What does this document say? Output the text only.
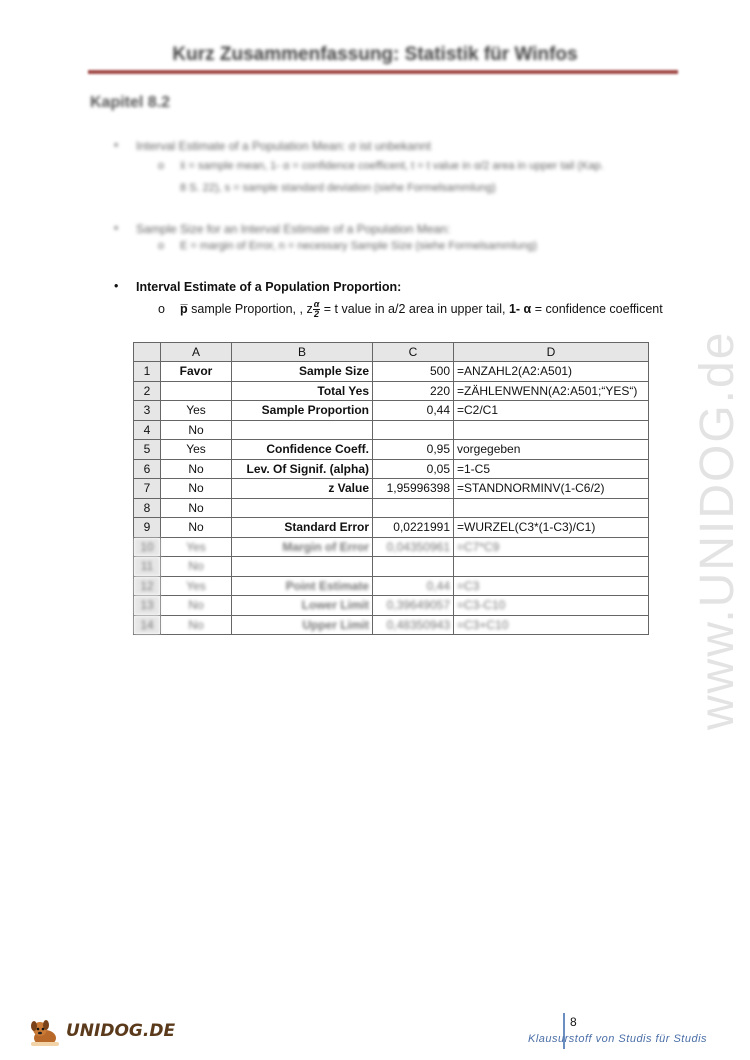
Kurz Zusammenfassung: Statistik für Winfos
Kapitel 8.2
Interval Estimate of a Population Mean: σ ist unbekannt
o x̄ = sample mean, 1- α = confidence coefficent, t = t value in α/2 area in upper tail (Kap.
8 S. 22), s = sample standard deviation (siehe Formelsammlung)
Sample Size for an Interval Estimate of a Population Mean:
o E = margin of Error, n = necessary Sample Size (siehe Formelsammlung)
• Interval Estimate of a Population Proportion:
o p̅ sample Proportion, , z $\frac{\alpha}{2} = t$ value in a/2 area in upper tail, 1- α = confidence coefficent
	A	B	C	D
1	Favor	Sample Size	500	=ANZAHL2(A2:A501)
2		Total Yes	220	=ZÄHLENWENN(A2:A501;“YES“)
3	Yes	Sample Proportion	0,44	=C2/C1
4	No			
5	Yes	Confidence Coeff.	0,95	vorgegeben
6	No	Lev. Of Signif. (alpha)	0,05	=1-C5
7	No	z Value	1,95996398	=STANDNORMINV(1-C6/2)
8	No			
9	No	Standard Error	0,0221991	=WURZEL(C3*(1-C3)/C1)
10	Yes	Margin of Error	0,04350961	=C7*C9
11	No			
12	Yes	Point Estimate	0,44	=C3
13	No	Lower Limit	0,39649057	=C3-C10
14	No	Upper Limit	0,48350943	=C3+C10	www.UNIDOG.de
UNIDOG.DE	8
Klausurstoff von Studis für Studis
